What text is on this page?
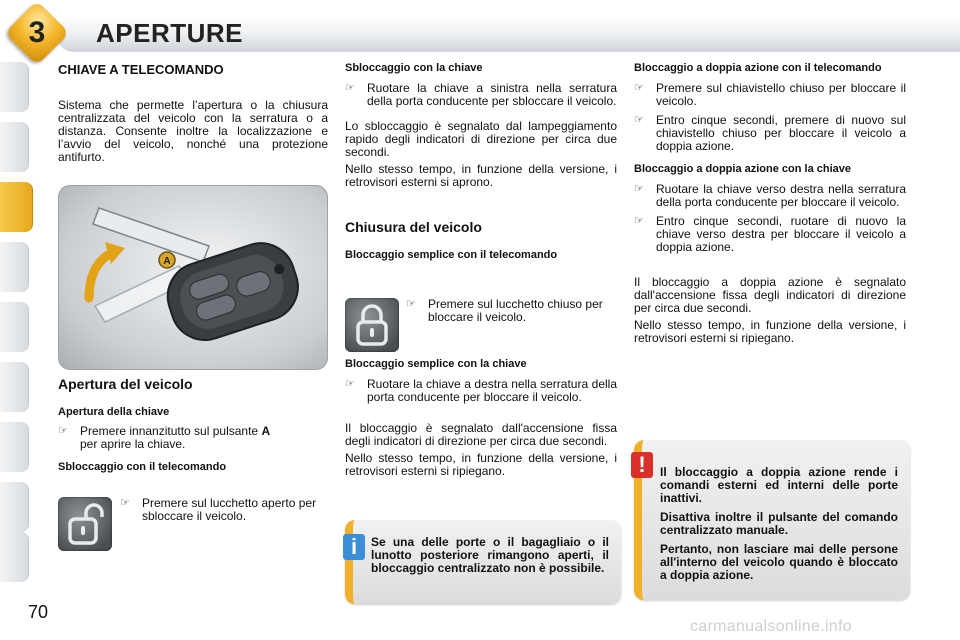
3	APERTURE
CHIAVE A TELECOMANDO

Sistema che permette l’apertura o la chiusura centralizzata del veicolo con la serratura o a distanza. Consente inoltre la localizzazione e l’avvio del veicolo, nonché una protezione antifurto.

A
Apertura del veicolo
Apertura della chiave
☞	Premere innanzitutto sul pulsante A
per aprire la chiave.
Sbloccaggio con il telecomando
☞	Premere sul lucchetto aperto per sbloccare il veicolo.
Sbloccaggio con la chiave
☞	Ruotare la chiave a sinistra nella serratura della porta conducente per sbloccare il veicolo.

Lo sbloccaggio è segnalato dal lampeggiamento rapido degli indicatori di direzione per circa due secondi.

Nello stesso tempo, in funzione della versione, i retrovisori esterni si aprono.

Chiusura del veicolo
Bloccaggio semplice con il telecomando
☞	Premere sul lucchetto chiuso per bloccare il veicolo.
Bloccaggio semplice con la chiave
☞	Ruotare la chiave a destra nella serratura della porta conducente per bloccare il veicolo.

Il bloccaggio è segnalato dall'accensione fissa degli indicatori di direzione per circa due secondi.

Nello stesso tempo, in funzione della versione, i retrovisori esterni si ripiegano.

Se una delle porte o il bagagliaio o il lunotto posteriore rimangono aperti, il bloccaggio centralizzato non è possibile.
i
Bloccaggio a doppia azione con il telecomando
☞	Premere sul chiavistello chiuso per bloccare il veicolo.
☞	Entro cinque secondi, premere di nuovo sul chiavistello chiuso per bloccare il veicolo a doppia azione.
Bloccaggio a doppia azione con la chiave
☞	Ruotare la chiave verso destra nella serratura della porta conducente per bloccare il veicolo.
☞	Entro cinque secondi, ruotare di nuovo la chiave verso destra per bloccare il veicolo a doppia azione.

Il bloccaggio a doppia azione è segnalato dall'accensione fissa degli indicatori di direzione per circa due secondi.

Nello stesso tempo, in funzione della versione, i retrovisori esterni si ripiegano.

Il bloccaggio a doppia azione rende i comandi esterni ed interni delle porte inattivi.
Disattiva inoltre il pulsante del comando centralizzato manuale.
Pertanto, non lasciare mai delle persone all'interno del veicolo quando è bloccato a doppia azione.
!
70
carmanualsonline.info
